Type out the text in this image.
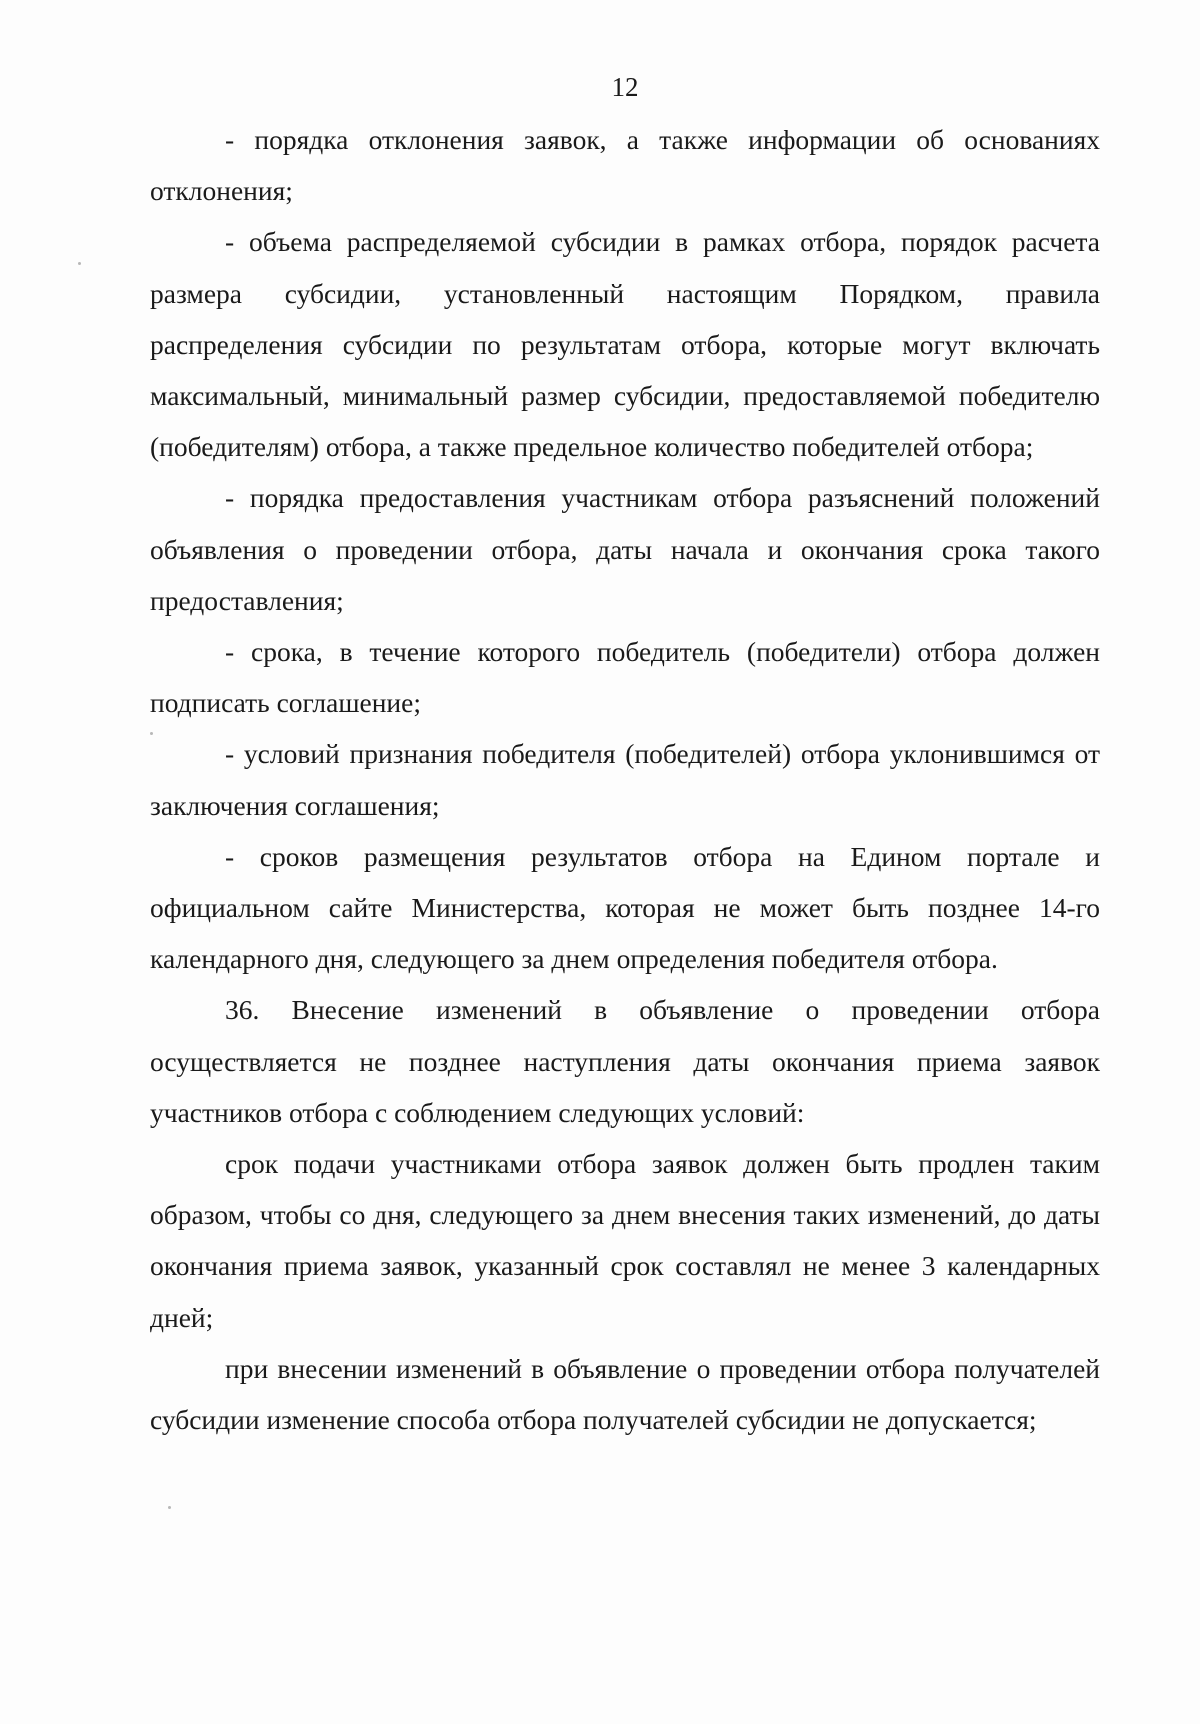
12

- порядка отклонения заявок, а также информации об основаниях отклонения;

- объема распределяемой субсидии в рамках отбора, порядок расчета размера субсидии, установленный настоящим Порядком, правила распределения субсидии по результатам отбора, которые могут включать максимальный, минимальный размер субсидии, предоставляемой победителю (победителям) отбора, а также предельное количество победителей отбора;

- порядка предоставления участникам отбора разъяснений положений объявления о проведении отбора, даты начала и окончания срока такого предоставления;

- срока, в течение которого победитель (победители) отбора должен подписать соглашение;

- условий признания победителя (победителей) отбора уклонившимся от заключения соглашения;

- сроков размещения результатов отбора на Едином портале и официальном сайте Министерства, которая не может быть позднее 14-го календарного дня, следующего за днем определения победителя отбора.

36. Внесение изменений в объявление о проведении отбора осуществляется не позднее наступления даты окончания приема заявок участников отбора с соблюдением следующих условий:

срок подачи участниками отбора заявок должен быть продлен таким образом, чтобы со дня, следующего за днем внесения таких изменений, до даты окончания приема заявок, указанный срок составлял не менее 3 календарных дней;

при внесении изменений в объявление о проведении отбора получателей субсидии изменение способа отбора получателей субсидии не допускается;
